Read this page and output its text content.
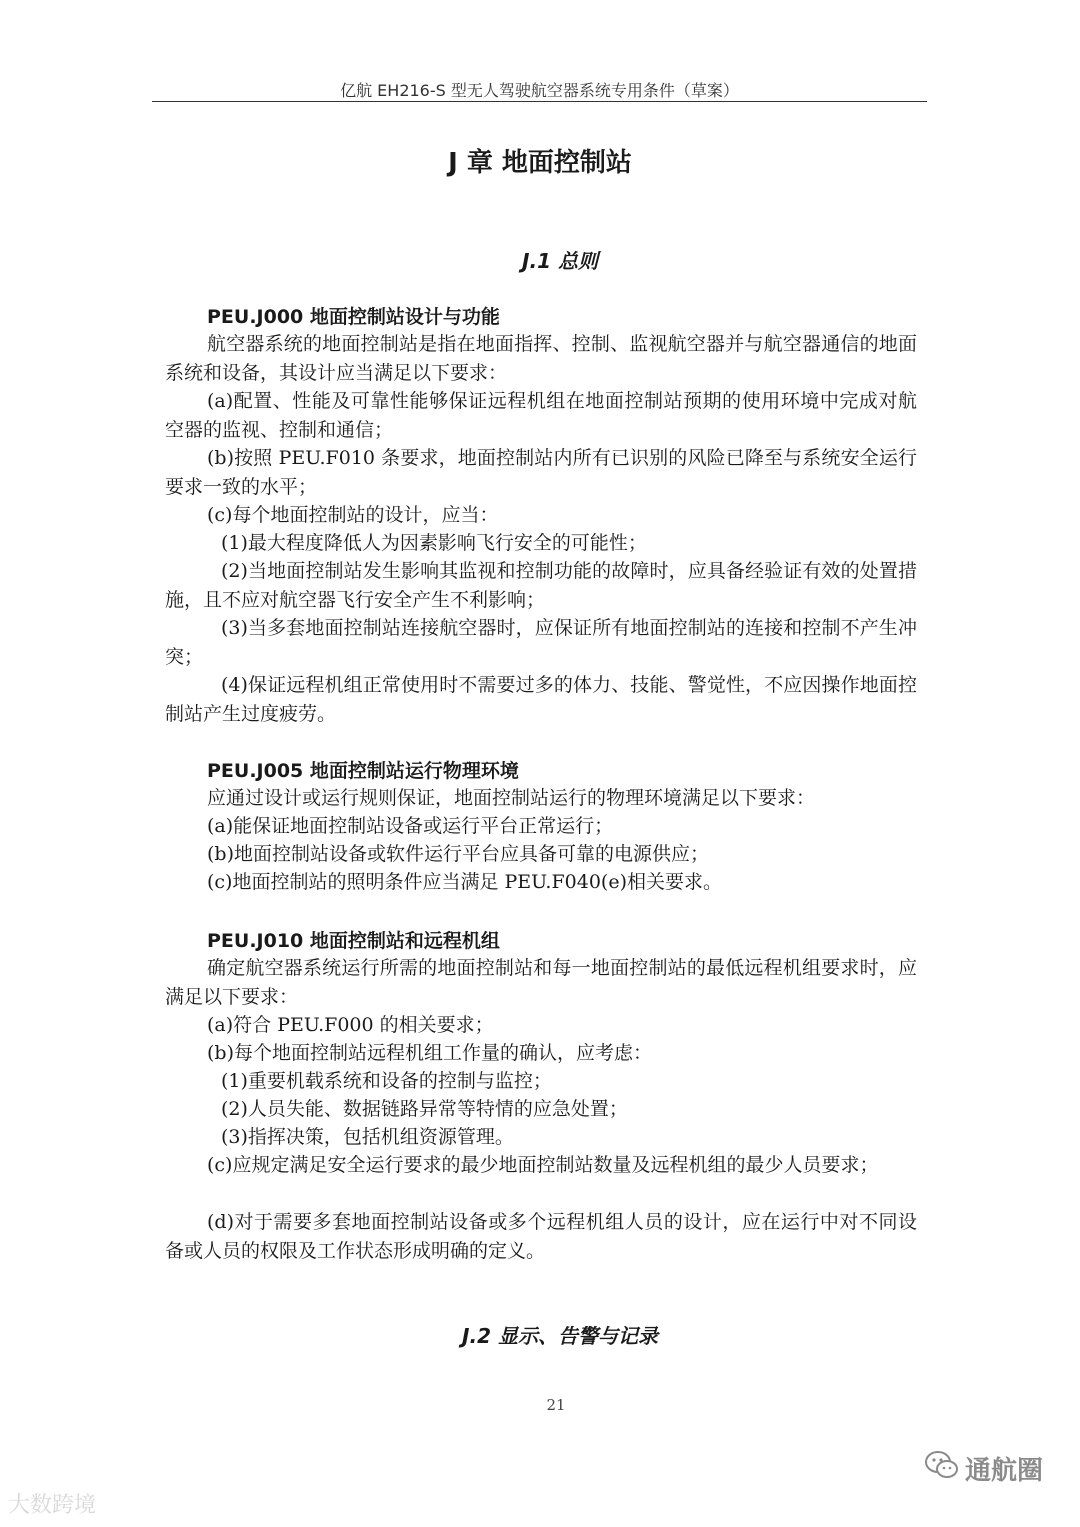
亿航 EH216-S 型无人驾驶航空器系统专用条件（草案）
J 章 地面控制站
J.1 总则
PEU.J000 地面控制站设计与功能
航空器系统的地面控制站是指在地面指挥、控制、监视航空器并与航空器通信的地面系统和设备，其设计应当满足以下要求：
(a)配置、性能及可靠性能够保证远程机组在地面控制站预期的使用环境中完成对航空器的监视、控制和通信；
(b)按照 PEU.F010 条要求，地面控制站内所有已识别的风险已降至与系统安全运行要求一致的水平；
(c)每个地面控制站的设计，应当：
(1)最大程度降低人为因素影响飞行安全的可能性；
(2)当地面控制站发生影响其监视和控制功能的故障时，应具备经验证有效的处置措施，且不应对航空器飞行安全产生不利影响；
(3)当多套地面控制站连接航空器时，应保证所有地面控制站的连接和控制不产生冲突；
(4)保证远程机组正常使用时不需要过多的体力、技能、警觉性，不应因操作地面控制站产生过度疲劳。
PEU.J005 地面控制站运行物理环境
应通过设计或运行规则保证，地面控制站运行的物理环境满足以下要求：
(a)能保证地面控制站设备或运行平台正常运行；
(b)地面控制站设备或软件运行平台应具备可靠的电源供应；
(c)地面控制站的照明条件应当满足 PEU.F040(e)相关要求。
PEU.J010 地面控制站和远程机组
确定航空器系统运行所需的地面控制站和每一地面控制站的最低远程机组要求时，应满足以下要求：
(a)符合 PEU.F000 的相关要求；
(b)每个地面控制站远程机组工作量的确认，应考虑：
(1)重要机载系统和设备的控制与监控；
(2)人员失能、数据链路异常等特情的应急处置；
(3)指挥决策，包括机组资源管理。
(c)应规定满足安全运行要求的最少地面控制站数量及远程机组的最少人员要求；
(d)对于需要多套地面控制站设备或多个远程机组人员的设计，应在运行中对不同设备或人员的权限及工作状态形成明确的定义。
J.2 显示、告警与记录
21
大数跨境
通航圈
